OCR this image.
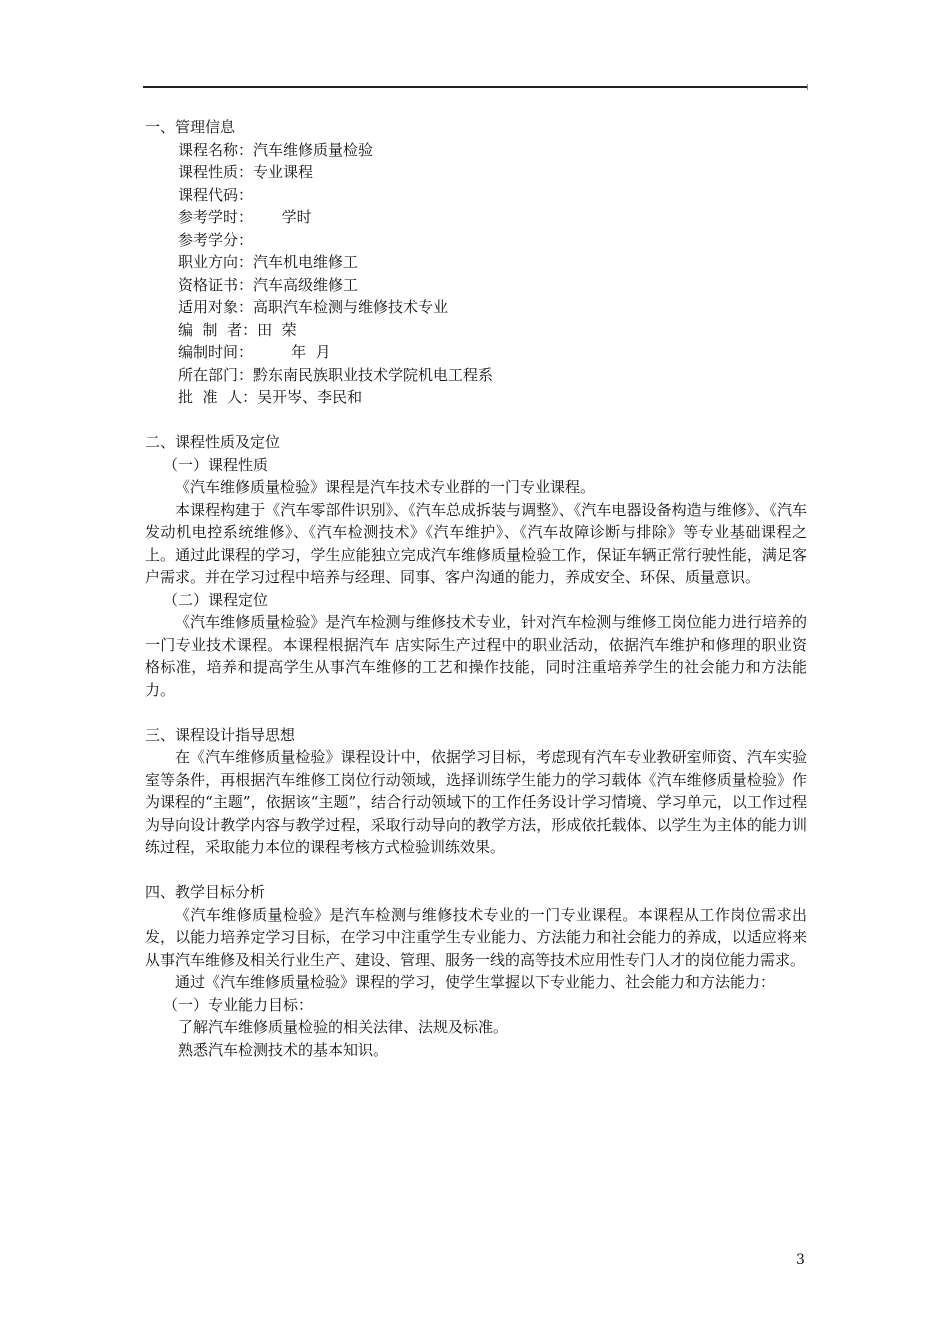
一、管理信息
课程名称：汽车维修质量检验
课程性质：专业课程
课程代码：
参考学时：      学时
参考学分：
职业方向：汽车机电维修工
资格证书：汽车高级维修工
适用对象：高职汽车检测与维修技术专业
编  制  者：田  荣
编制时间：        年  月
所在部门：黔东南民族职业技术学院机电工程系
批  准  人：吴开岑、李民和
二、课程性质及定位
（一）课程性质
《汽车维修质量检验》课程是汽车技术专业群的一门专业课程。
本课程构建于《汽车零部件识别》、《汽车总成拆装与调整》、《汽车电器设备构造与维修》、《汽车发动机电控系统维修》、《汽车检测技术》《汽车维护》、《汽车故障诊断与排除》等专业基础课程之上。通过此课程的学习，学生应能独立完成汽车维修质量检验工作，保证车辆正常行驶性能，满足客户需求。并在学习过程中培养与经理、同事、客户沟通的能力，养成安全、环保、质量意识。
（二）课程定位
《汽车维修质量检验》是汽车检测与维修技术专业，针对汽车检测与维修工岗位能力进行培养的一门专业技术课程。本课程根据汽车 店实际生产过程中的职业活动，依据汽车维护和修理的职业资格标准，培养和提高学生从事汽车维修的工艺和操作技能，同时注重培养学生的社会能力和方法能力。
三、课程设计指导思想
在《汽车维修质量检验》课程设计中，依据学习目标，考虑现有汽车专业教研室师资、汽车实验室等条件，再根据汽车维修工岗位行动领域，选择训练学生能力的学习载体《汽车维修质量检验》作为课程的“主题”，依据该“主题”，结合行动领域下的工作任务设计学习情境、学习单元，以工作过程为导向设计教学内容与教学过程，采取行动导向的教学方法，形成依托载体、以学生为主体的能力训练过程，采取能力本位的课程考核方式检验训练效果。
四、教学目标分析
《汽车维修质量检验》是汽车检测与维修技术专业的一门专业课程。本课程从工作岗位需求出发，以能力培养定学习目标，在学习中注重学生专业能力、方法能力和社会能力的养成，以适应将来从事汽车维修及相关行业生产、建设、管理、服务一线的高等技术应用性专门人才的岗位能力需求。
通过《汽车维修质量检验》课程的学习，使学生掌握以下专业能力、社会能力和方法能力：
（一）专业能力目标：
了解汽车维修质量检验的相关法律、法规及标准。
熟悉汽车检测技术的基本知识。
3
